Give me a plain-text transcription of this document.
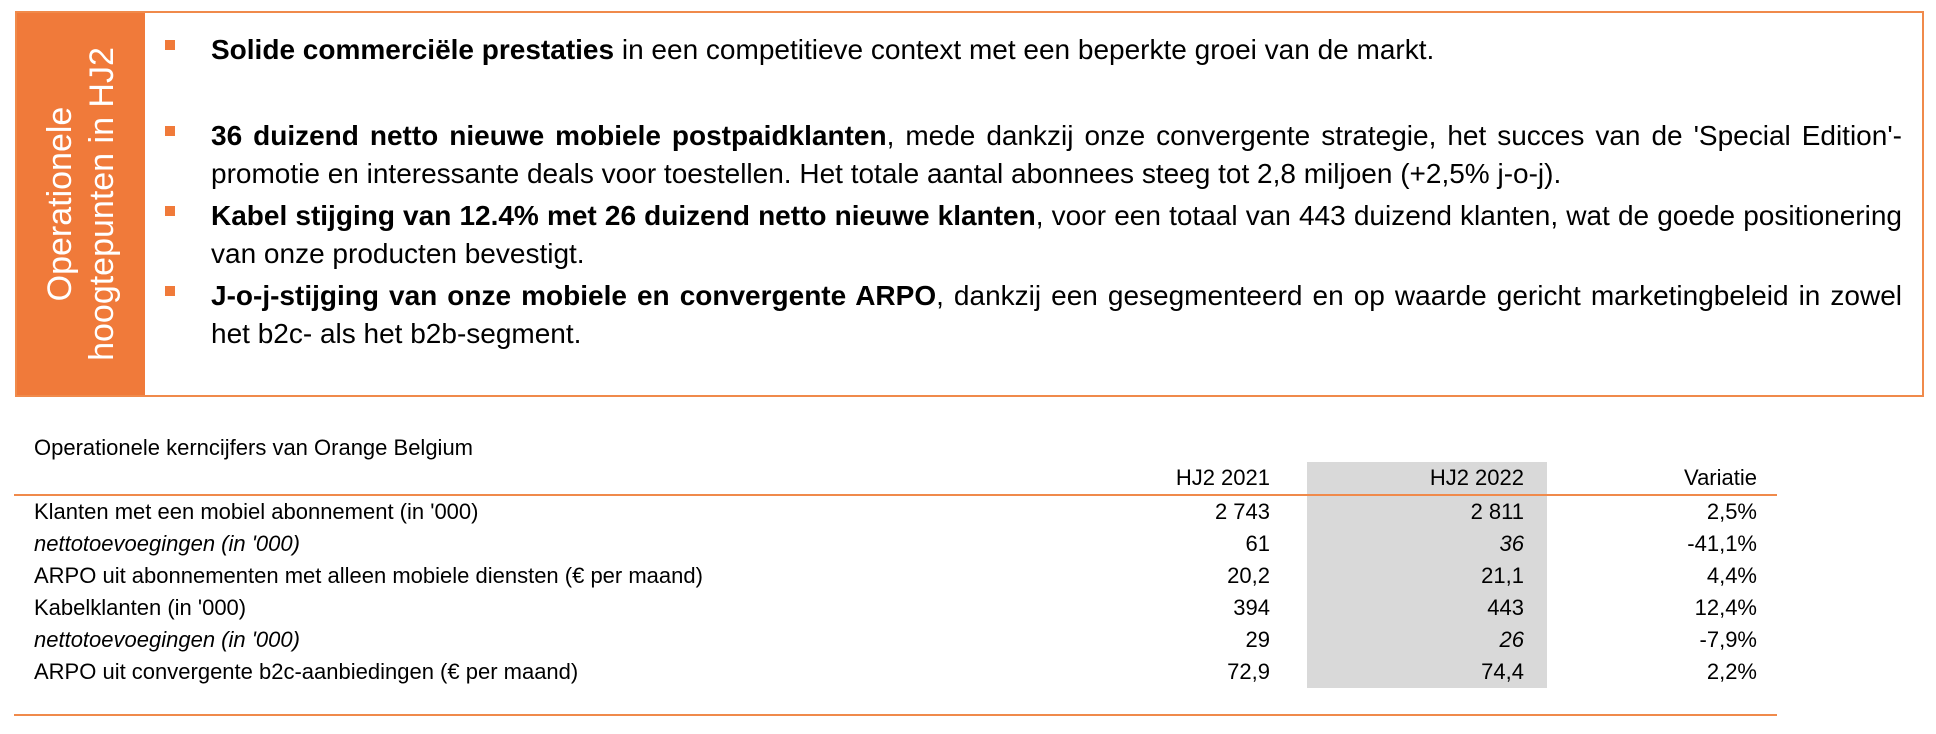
Operationele hoogtepunten in HJ2	Solide commerciële prestaties in een competitieve context met een beperkte groei van de markt.
36 duizend netto nieuwe mobiele postpaidklanten, mede dankzij onze convergente strategie, het succes van de 'Special Edition'-promotie en interessante deals voor toestellen. Het totale aantal abonnees steeg tot 2,8 miljoen (+2,5% j-o-j).
Kabel stijging van 12.4% met 26 duizend netto nieuwe klanten, voor een totaal van 443 duizend klanten, wat de goede positionering van onze producten bevestigt.
J-o-j-stijging van onze mobiele en convergente ARPO, dankzij een gesegmenteerd en op waarde gericht marketingbeleid in zowel het b2c- als het b2b-segment.
Operationele kerncijfers van Orange Belgium
HJ2 2021	HJ2 2022	Variatie
Klanten met een mobiel abonnement (in '000)	2 743	2 811	2,5%
nettotoevoegingen (in '000)	61	36	-41,1%
ARPO uit abonnementen met alleen mobiele diensten (€ per maand)	20,2	21,1	4,4%
Kabelklanten (in '000)	394	443	12,4%
nettotoevoegingen (in '000)	29	26	-7,9%
ARPO uit convergente b2c-aanbiedingen (€ per maand)	72,9	74,4	2,2%
